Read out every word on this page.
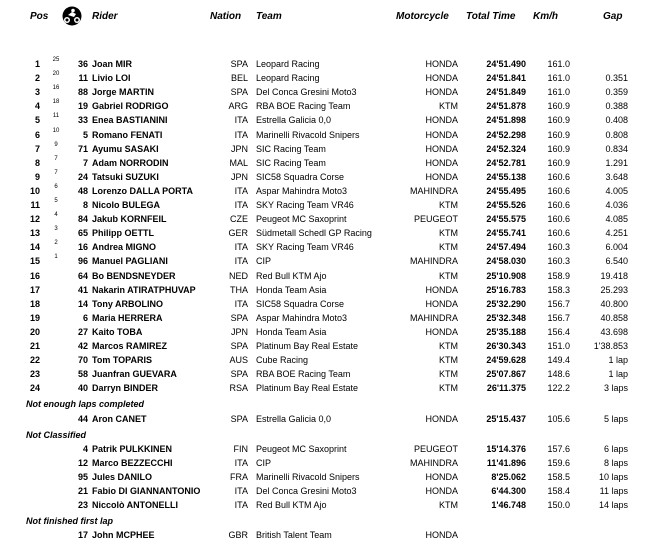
Pos	Rider	Nation Team	Motorcycle Total Time Km/h	Gap
1	25	36 Joan MIR	SPA Leopard Racing	HONDA	24'51.490	161.0
2	20	11 Livio LOI	BEL Leopard Racing	HONDA	24'51.841	161.0	0.351
3	16	88 Jorge MARTIN	SPA Del Conca Gresini Moto3	HONDA	24'51.849	161.0	0.359
4	18	19 Gabriel RODRIGO	ARG RBA BOE Racing Team	KTM	24'51.878	160.9	0.388
5	11	33 Enea BASTIANINI	ITA Estrella Galicia 0,0	HONDA	24'51.898	160.9	0.408
6	10	5 Romano FENATI	ITA Marinelli Rivacold Snipers	HONDA	24'52.298	160.9	0.808
7	9	71 Ayumu SASAKI	JPN SIC Racing Team	HONDA	24'52.324	160.9	0.834
8	7	7 Adam NORRODIN	MAL SIC Racing Team	HONDA	24'52.781	160.9	1.291
9	7	24 Tatsuki SUZUKI	JPN SIC58 Squadra Corse	HONDA	24'55.138	160.6	3.648
10	6	48 Lorenzo DALLA PORTA	ITA Aspar Mahindra Moto3	MAHINDRA	24'55.495	160.6	4.005
11	5	8 Nicolo BULEGA	ITA SKY Racing Team VR46	KTM	24'55.526	160.6	4.036
12	4	84 Jakub KORNFEIL	CZE Peugeot MC Saxoprint	PEUGEOT	24'55.575	160.6	4.085
13	3	65 Philipp OETTL	GER Südmetall Schedl GP Racing	KTM	24'55.741	160.6	4.251
14	2	16 Andrea MIGNO	ITA SKY Racing Team VR46	KTM	24'57.494	160.3	6.004
15	1	96 Manuel PAGLIANI	ITA CIP	MAHINDRA	24'58.030	160.3	6.540
16	64 Bo BENDSNEYDER	NED Red Bull KTM Ajo	KTM	25'10.908	158.9	19.418
17	41 Nakarin ATIRATPHUVAP	THA Honda Team Asia	HONDA	25'16.783	158.3	25.293
18	14 Tony ARBOLINO	ITA SIC58 Squadra Corse	HONDA	25'32.290	156.7	40.800
19	6 Maria HERRERA	SPA Aspar Mahindra Moto3	MAHINDRA	25'32.348	156.7	40.858
20	27 Kaito TOBA	JPN Honda Team Asia	HONDA	25'35.188	156.4	43.698
21	42 Marcos RAMIREZ	SPA Platinum Bay Real Estate	KTM	26'30.343	151.0	1'38.853
22	70 Tom TOPARIS	AUS Cube Racing	KTM	24'59.628	149.4	1 lap
23	58 Juanfran GUEVARA	SPA RBA BOE Racing Team	KTM	25'07.867	148.6	1 lap
24	40 Darryn BINDER	RSA Platinum Bay Real Estate	KTM	26'11.375	122.2	3 laps
Not enough laps completed
44 Aron CANET	SPA Estrella Galicia 0,0	HONDA	25'15.437	105.6	5 laps
Not Classified
4 Patrik PULKKINEN	FIN Peugeot MC Saxoprint	PEUGEOT	15'14.376	157.6	6 laps
12 Marco BEZZECCHI	ITA CIP	MAHINDRA	11'41.896	159.6	8 laps
95 Jules DANILO	FRA Marinelli Rivacold Snipers	HONDA	8'25.062	158.5	10 laps
21 Fabio DI GIANNANTONIO	ITA Del Conca Gresini Moto3	HONDA	6'44.300	158.4	11 laps
23 Niccolò ANTONELLI	ITA Red Bull KTM Ajo	KTM	1'46.748	150.0	14 laps
Not finished first lap
17 John MCPHEE	GBR British Talent Team	HONDA
